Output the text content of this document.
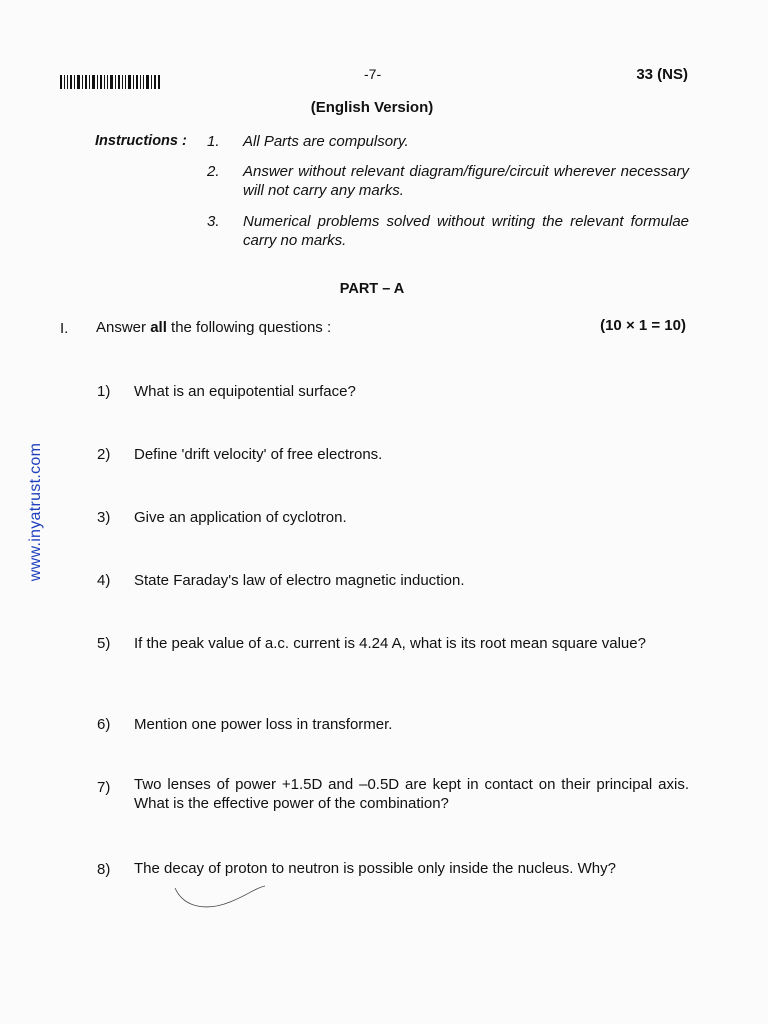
-7-	33 (NS)
(English Version)
Instructions : 1. All Parts are compulsory.
2. Answer without relevant diagram/figure/circuit wherever necessary will not carry any marks.
3. Numerical problems solved without writing the relevant formulae carry no marks.
PART – A
I. Answer all the following questions :	(10 × 1 = 10)
1) What is an equipotential surface?
2) Define 'drift velocity' of free electrons.
3) Give an application of cyclotron.
4) State Faraday's law of electro magnetic induction.
5) If the peak value of a.c. current is 4.24 A, what is its root mean square value?
6) Mention one power loss in transformer.
7) Two lenses of power +1.5D and –0.5D are kept in contact on their principal axis. What is the effective power of the combination?
8) The decay of proton to neutron is possible only inside the nucleus. Why?
www.inyatrust.com
